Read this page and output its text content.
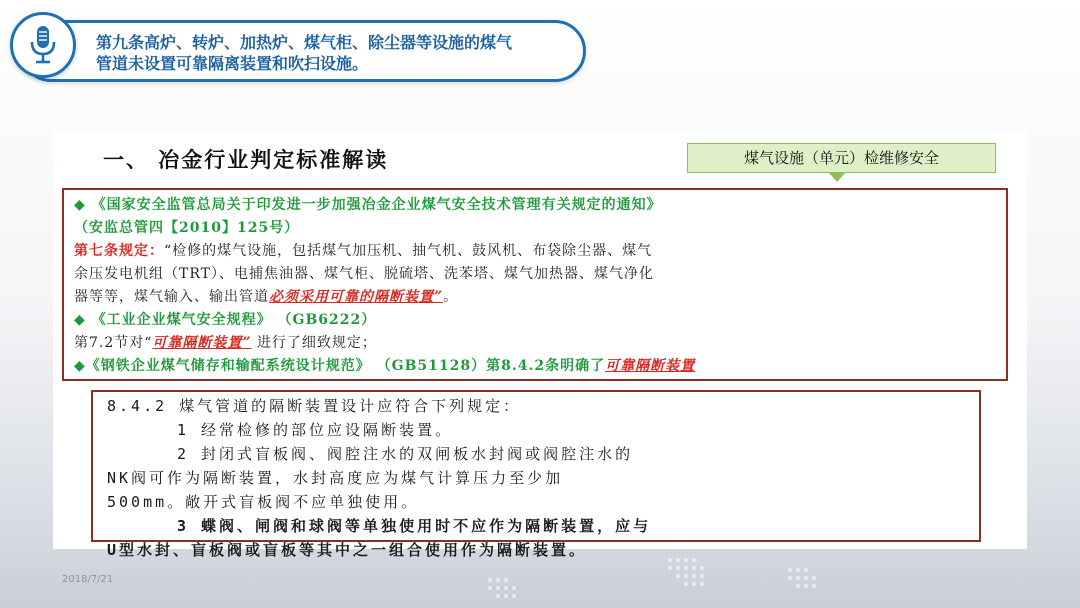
第九条高炉、转炉、加热炉、煤气柜、除尘器等设施的煤气
管道未设置可靠隔离装置和吹扫设施。
一、 冶金行业判定标准解读	煤气设施（单元）检维修安全

◆ 《国家安全监管总局关于印发进一步加强冶金企业煤气安全技术管理有关规定的通知》

（安监总管四【2010】125号）

第七条规定：“检修的煤气设施，包括煤气加压机、抽气机、鼓风机、布袋除尘器、煤气

余压发电机组（TRT）、电捕焦油器、煤气柜、脱硫塔、洗苯塔、煤气加热器、煤气净化

器等等，煤气输入、输出管道必须采用可靠的隔断装置”。

◆ 《工业企业煤气安全规程》 （GB6222）

第7.2节对“可靠隔断装置” 进行了细致规定；

◆《钢铁企业煤气储存和输配系统设计规范》 （GB51128）第8.4.2条明确了可靠隔断装置

8.4.2 煤气管道的隔断装置设计应符合下列规定：

1 经常检修的部位应设隔断装置。

2 封闭式盲板阀、阀腔注水的双闸板水封阀或阀腔注水的

NK阀可作为隔断装置，水封高度应为煤气计算压力至少加

500mm。敞开式盲板阀不应单独使用。

3 蝶阀、闸阀和球阀等单独使用时不应作为隔断装置，应与

U型水封、盲板阀或盲板等其中之一组合使用作为隔断装置。

2018/7/21
